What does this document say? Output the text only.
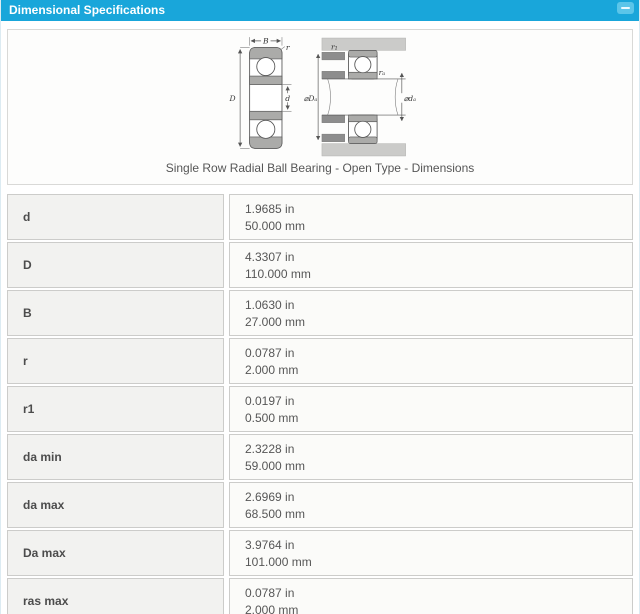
Dimensional Specifications
D
B
r
d
r₁
rₐ
⌀Dₐ	⌀dₐ
Single Row Radial Ball Bearing - Open Type - Dimensions
d
1.9685 in
50.000 mm
D
4.3307 in
110.000 mm
B
1.0630 in
27.000 mm
r
0.0787 in
2.000 mm
r1
0.0197 in
0.500 mm
da min
2.3228 in
59.000 mm
da max
2.6969 in
68.500 mm
Da max
3.9764 in
101.000 mm
ras max
0.0787 in
2.000 mm
